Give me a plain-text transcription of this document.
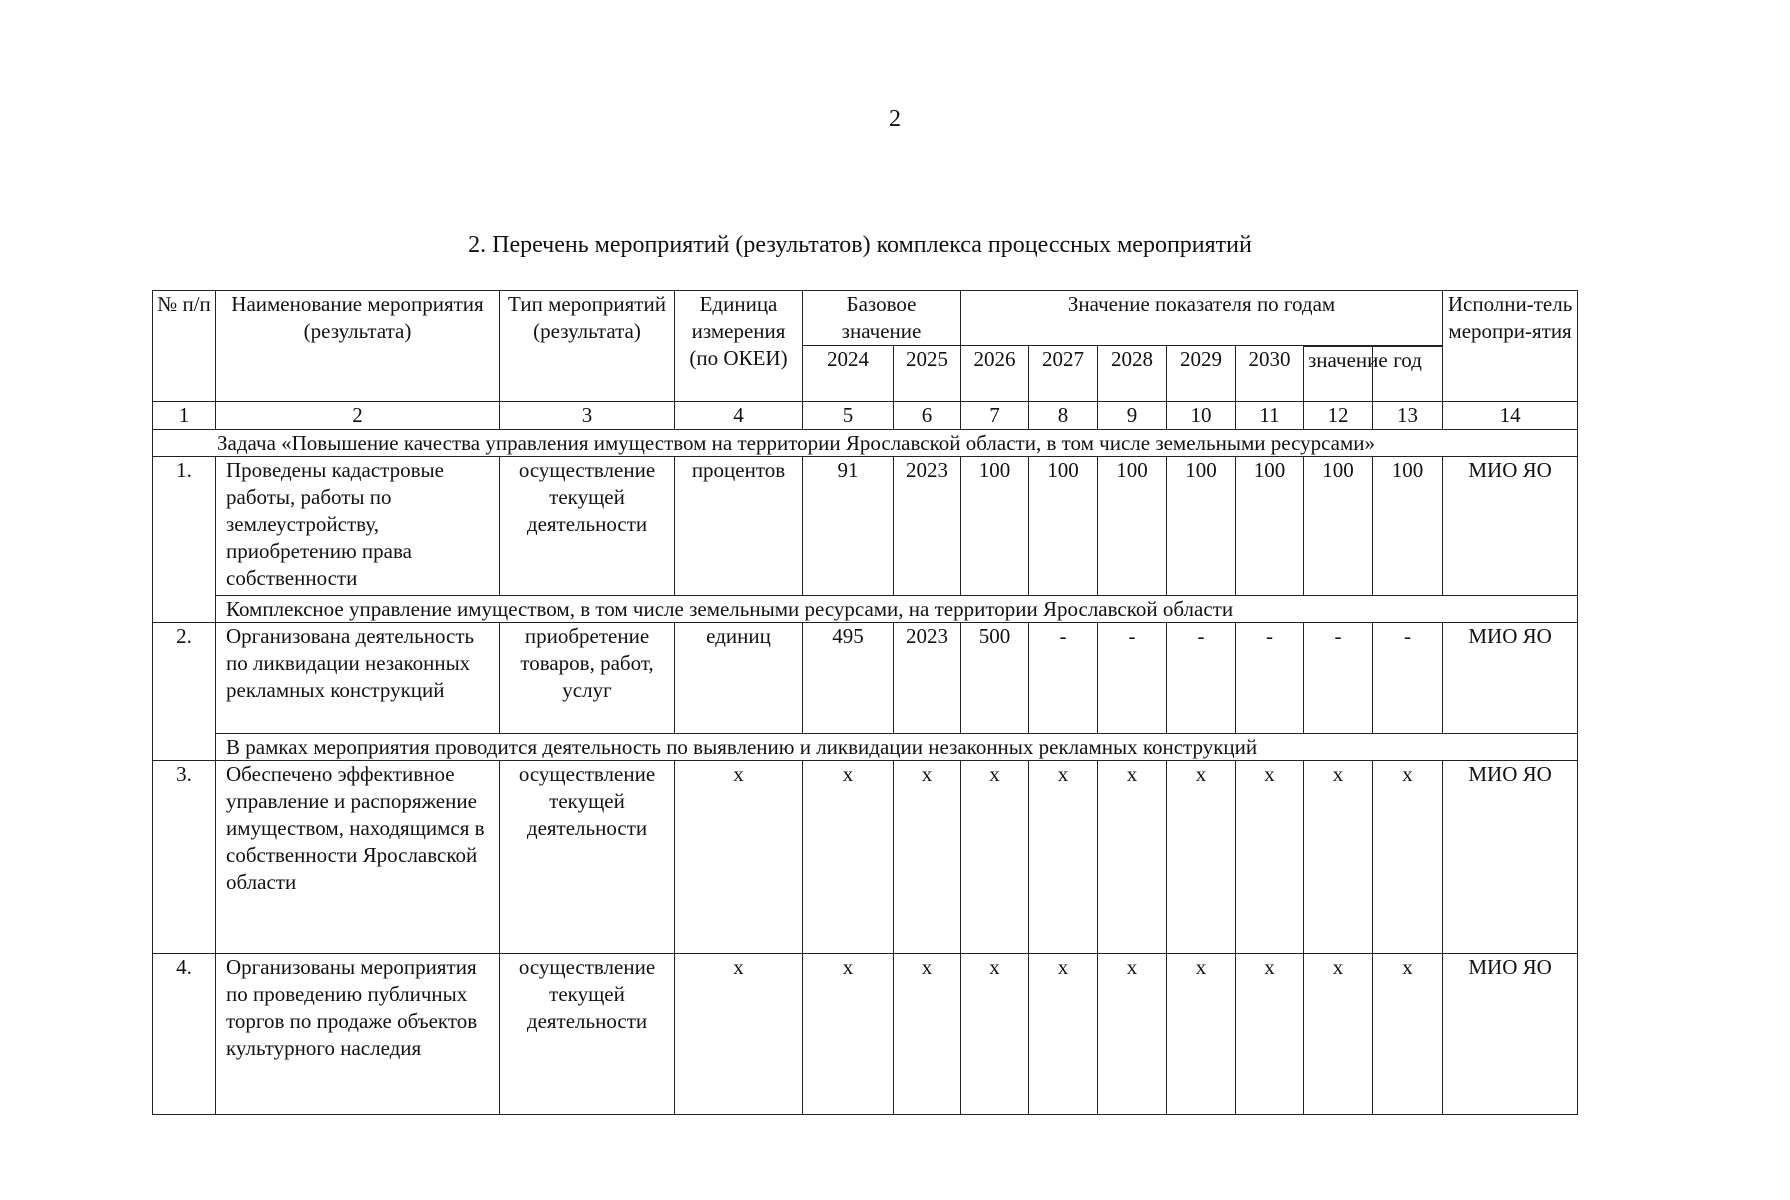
2
2. Перечень мероприятий (результатов) комплекса процессных мероприятий
№ п/п	Наименование мероприятия (результата)	Тип мероприятий (результата)	Единица измерения (по ОКЕИ)	Базовое значение		Значение показателя по годам							Исполни-тель меропри-ятия
				2024	2025	2026	2027	2028	2029	2030			
											значение	год	
1	2	3	4	5	6	7	8	9	10	11	12	13	14
Задача «Повышение качества управления имуществом на территории Ярославской области, в том числе земельными ресурсами»													
1.	Проведены кадастровые работы, работы по землеустройству, приобретению права собственности	осуществление текущей деятельности	процентов	91	2023	100	100	100	100	100	100	100	МИО ЯО
	Комплексное управление имуществом, в том числе земельными ресурсами, на территории Ярославской области												
2.	Организована деятельность по ликвидации незаконных рекламных конструкций	приобретение товаров, работ, услуг	единиц	495	2023	500	-	-	-	-	-	-	МИО ЯО
	В рамках мероприятия проводится деятельность по выявлению и ликвидации незаконных рекламных конструкций												
3.	Обеспечено эффективное управление и распоряжение имуществом, находящимся в собственности Ярославской области	осуществление текущей деятельности	х	х	х	х	х	х	х	х	х	х	МИО ЯО
4.	Организованы мероприятия по проведению публичных торгов по продаже объектов культурного наследия	осуществление текущей деятельности	х	х	х	х	х	х	х	х	х	х	МИО ЯО
